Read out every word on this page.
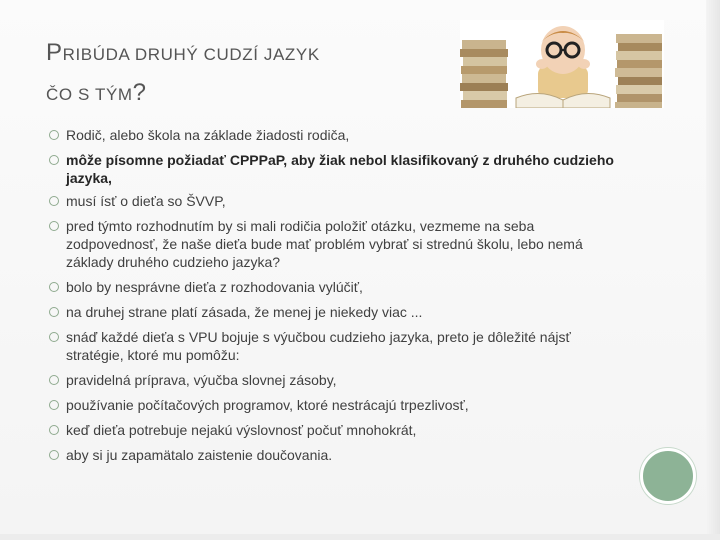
PRIBÚDA DRUHÝ CUDZÍ JAZYK
ČO S TÝM?
Rodič, alebo škola na základe žiadosti rodiča,
môže písomne požiadať CPPPaP, aby žiak nebol klasifikovaný z druhého cudzieho jazyka,
musí ísť o dieťa so ŠVVP,
pred týmto rozhodnutím by si mali rodičia položiť otázku, vezmeme na seba zodpovednosť, že naše dieťa bude mať problém vybrať si strednú školu, lebo nemá základy druhého cudzieho jazyka?
bolo by nesprávne dieťa z rozhodovania vylúčiť,
na druhej strane platí zásada, že menej je niekedy viac ...
snáď každé dieťa s VPU bojuje s výučbou cudzieho jazyka, preto je dôležité nájsť stratégie, ktoré mu pomôžu:
pravidelná príprava, výučba slovnej zásoby,
používanie počítačových programov, ktoré nestrácajú trpezlivosť,
keď dieťa potrebuje nejakú výslovnosť počuť mnohokrát,
aby si ju zapamätalo zaistenie doučovania.
